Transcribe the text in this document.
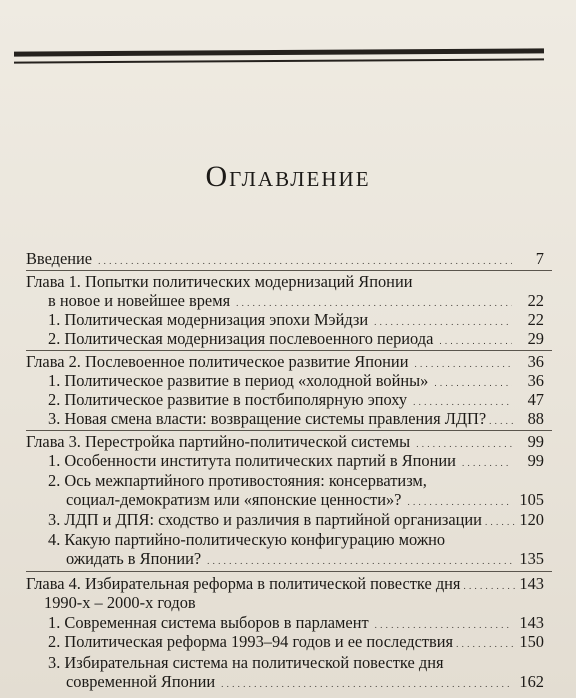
Оглавление
Введение . . .	7
Глава 1. Попытки политических модернизаций Японии
в новое и новейшее время . . .	22
1. Политическая модернизация эпохи Мэйдзи . . .	22
2. Политическая модернизация послевоенного периода . . .	29
Глава 2. Послевоенное политическое развитие Японии . . .	36
1. Политическое развитие в период «холодной войны» . . .	36
2. Политическое развитие в постбиполярную эпоху . . .	47
3. Новая смена власти: возвращение системы правления ЛДП? . . .	88
Глава 3. Перестройка партийно-политической системы . . .	99
1. Особенности института политических партий в Японии . . .	99
2. Ось межпартийного противостояния: консерватизм,
социал-демократизм или «японские ценности»? . . .	105
3. ЛДП и ДПЯ: сходство и различия в партийной организации . . . 120
4. Какую партийно-политическую конфигурацию можно
ожидать в Японии? . . .	135
Глава 4. Избирательная реформа в политической повестке дня . . .	143
1990-х – 2000-х годов
1. Современная система выборов в парламент . . .	143
2. Политическая реформа 1993–94 годов и ее последствия . . .	150
3. Избирательная система на политической повестке дня
современной Японии . . .	162
